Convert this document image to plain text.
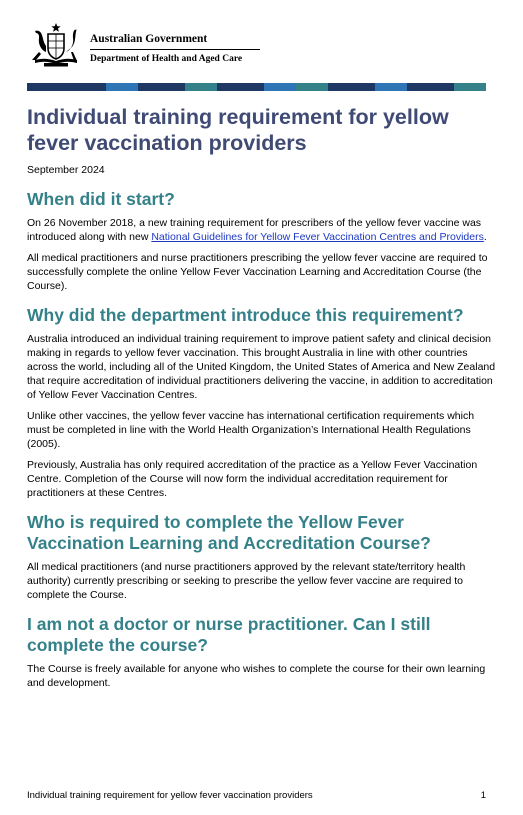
Australian Government
Department of Health and Aged Care
Individual training requirement for yellow fever vaccination providers
September 2024
When did it start?

On 26 November 2018, a new training requirement for prescribers of the yellow fever vaccine was introduced along with new National Guidelines for Yellow Fever Vaccination Centres and Providers.

All medical practitioners and nurse practitioners prescribing the yellow fever vaccine are required to successfully complete the online Yellow Fever Vaccination Learning and Accreditation Course (the Course).

Why did the department introduce this requirement?

Australia introduced an individual training requirement to improve patient safety and clinical decision making in regards to yellow fever vaccination. This brought Australia in line with other countries across the world, including all of the United Kingdom, the United States of America and New Zealand that require accreditation of individual practitioners delivering the vaccine, in addition to accreditation of Yellow Fever Vaccination Centres.

Unlike other vaccines, the yellow fever vaccine has international certification requirements which must be completed in line with the World Health Organization’s International Health Regulations (2005).

Previously, Australia has only required accreditation of the practice as a Yellow Fever Vaccination Centre. Completion of the Course will now form the individual accreditation requirement for practitioners at these Centres.

Who is required to complete the Yellow Fever Vaccination Learning and Accreditation Course?

All medical practitioners (and nurse practitioners approved by the relevant state/territory health authority) currently prescribing or seeking to prescribe the yellow fever vaccine are required to complete the Course.

I am not a doctor or nurse practitioner. Can I still complete the course?

The Course is freely available for anyone who wishes to complete the course for their own learning and development.

Individual training requirement for yellow fever vaccination providers	1
